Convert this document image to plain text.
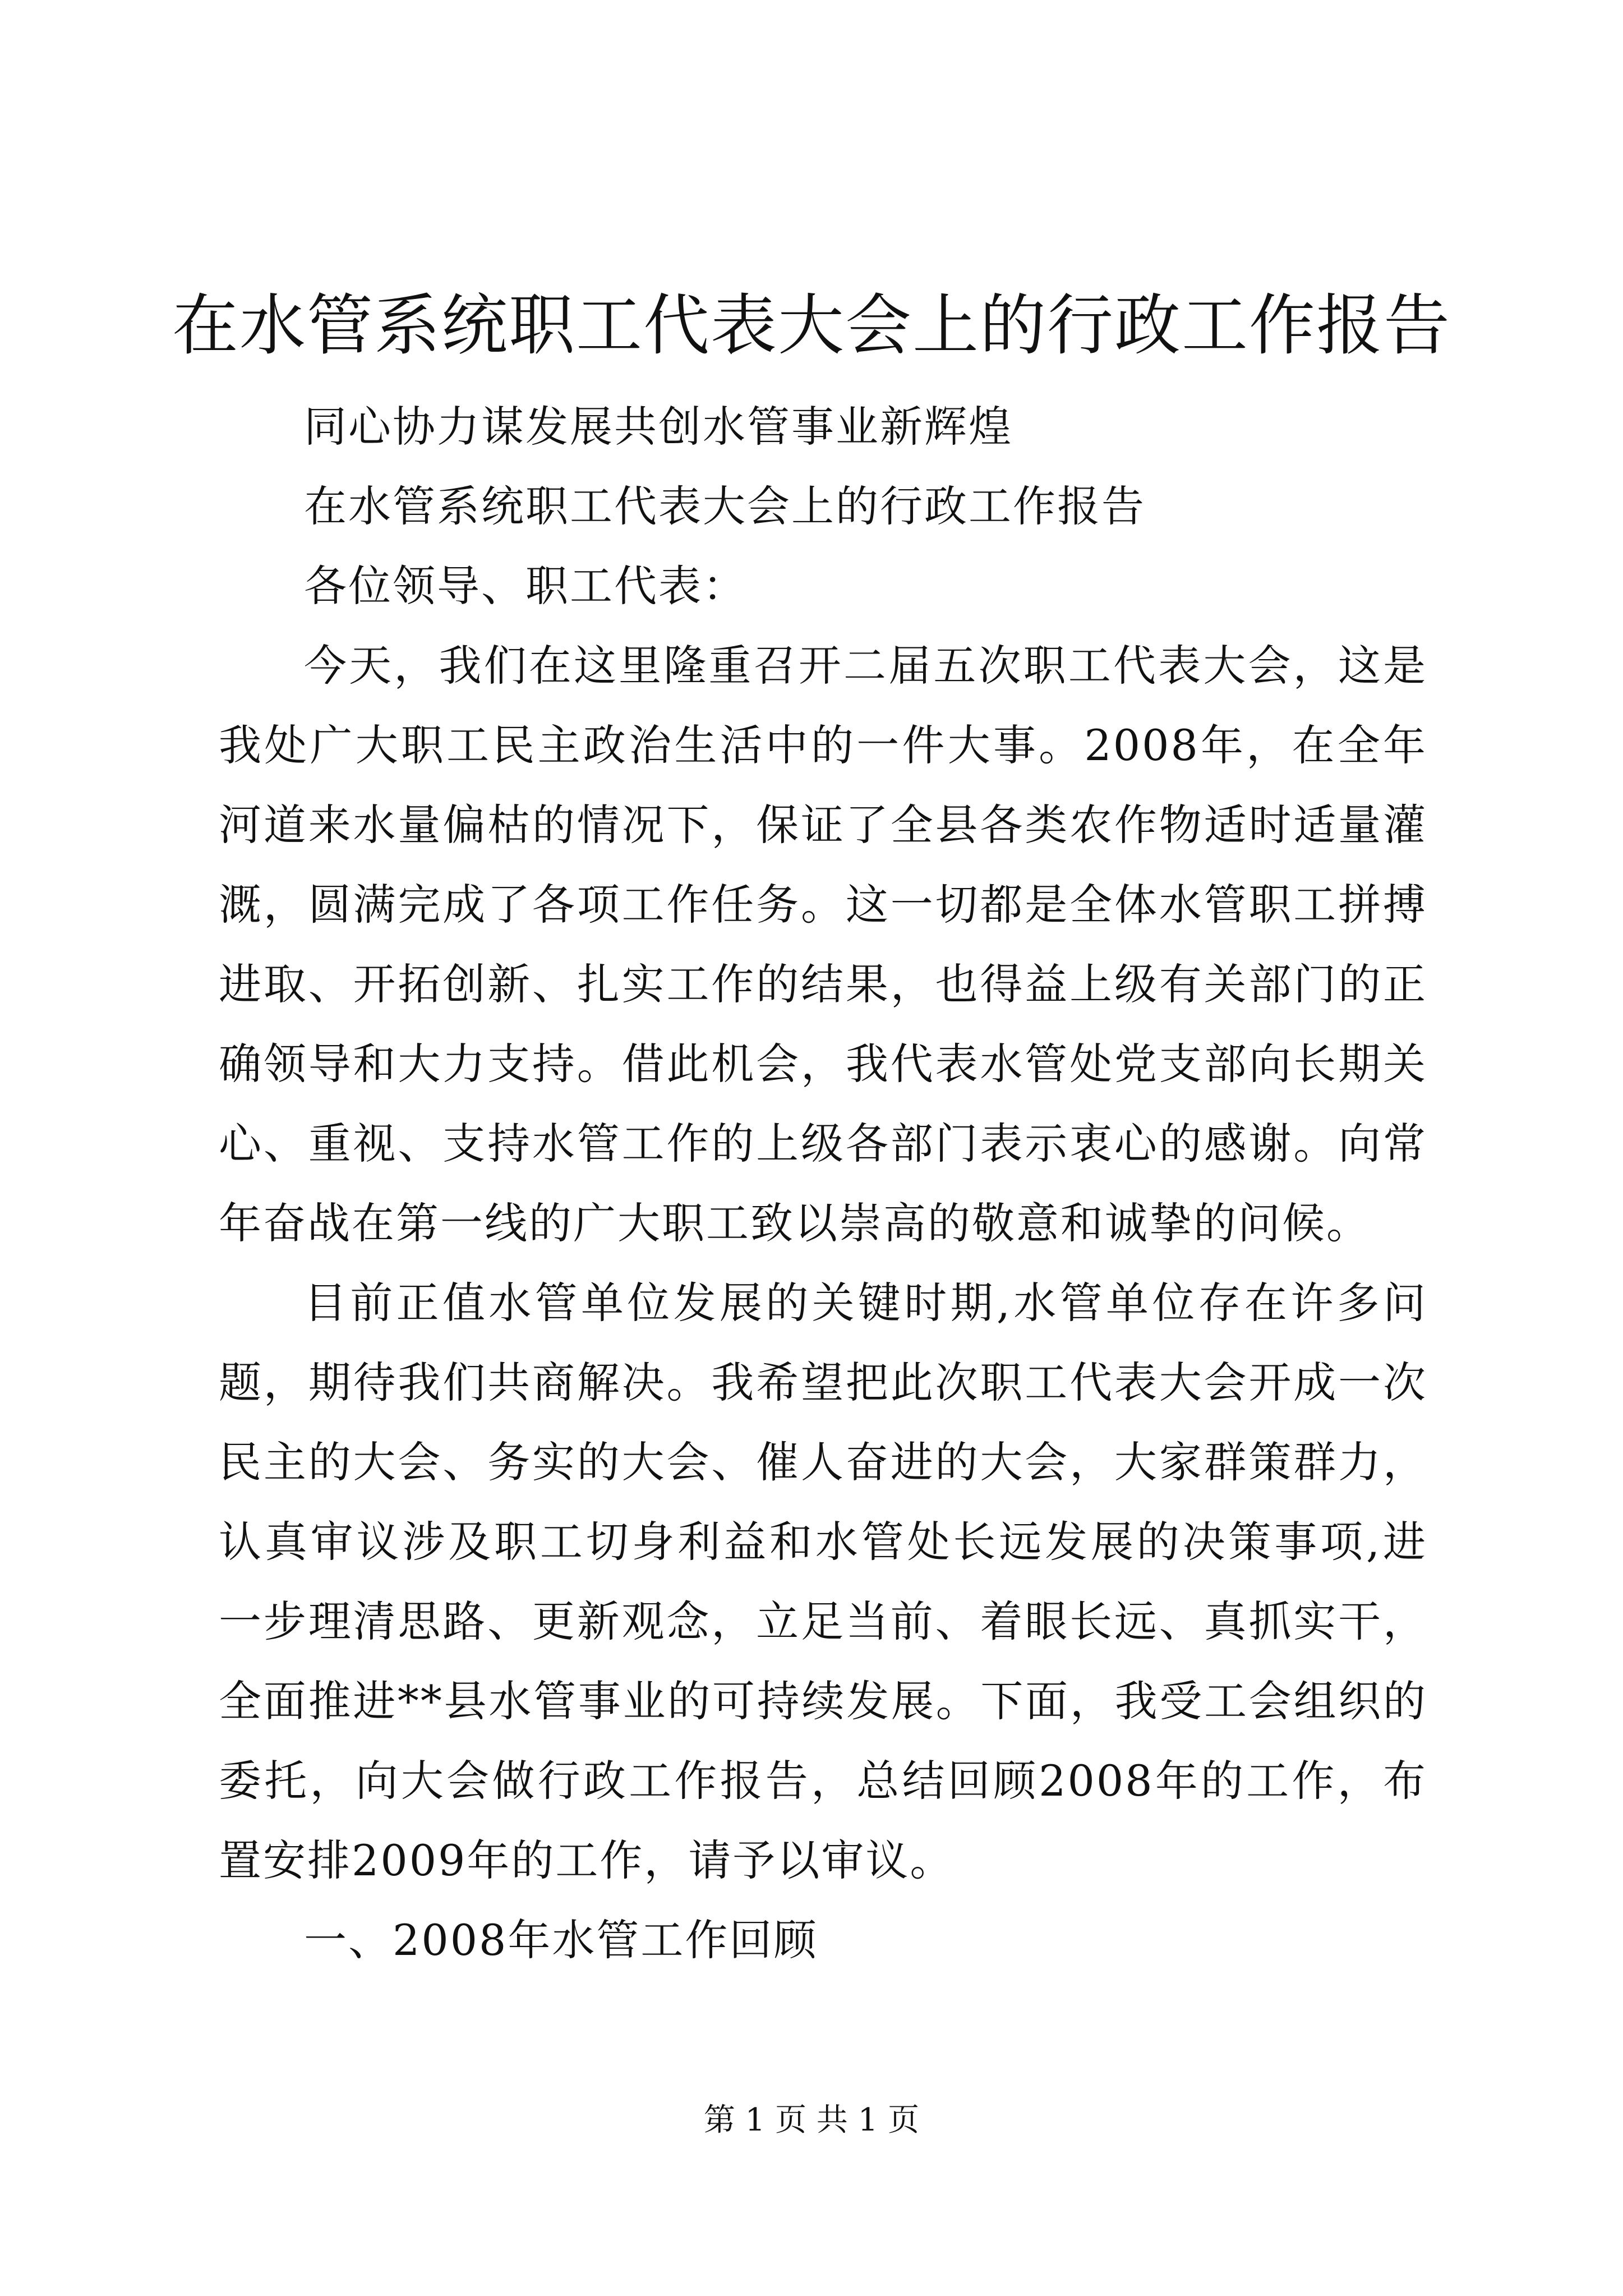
在水管系统职工代表大会上的行政工作报告

同心协力谋发展共创水管事业新辉煌

在水管系统职工代表大会上的行政工作报告

各位领导、职工代表：

今天，我们在这里隆重召开二届五次职工代表大会，这是我处广大职工民主政治生活中的一件大事。2008年，在全年河道来水量偏枯的情况下，保证了全县各类农作物适时适量灌溉，圆满完成了各项工作任务。这一切都是全体水管职工拼搏进取、开拓创新、扎实工作的结果，也得益上级有关部门的正确领导和大力支持。借此机会，我代表水管处党支部向长期关心、重视、支持水管工作的上级各部门表示衷心的感谢。向常年奋战在第一线的广大职工致以崇高的敬意和诚挚的问候。

目前正值水管单位发展的关键时期,水管单位存在许多问题，期待我们共商解决。我希望把此次职工代表大会开成一次民主的大会、务实的大会、催人奋进的大会，大家群策群力，认真审议涉及职工切身利益和水管处长远发展的决策事项,进一步理清思路、更新观念，立足当前、着眼长远、真抓实干，全面推进**县水管事业的可持续发展。下面，我受工会组织的委托，向大会做行政工作报告，总结回顾2008年的工作，布置安排2009年的工作，请予以审议。

一、2008年水管工作回顾

第 1 页 共 1 页
